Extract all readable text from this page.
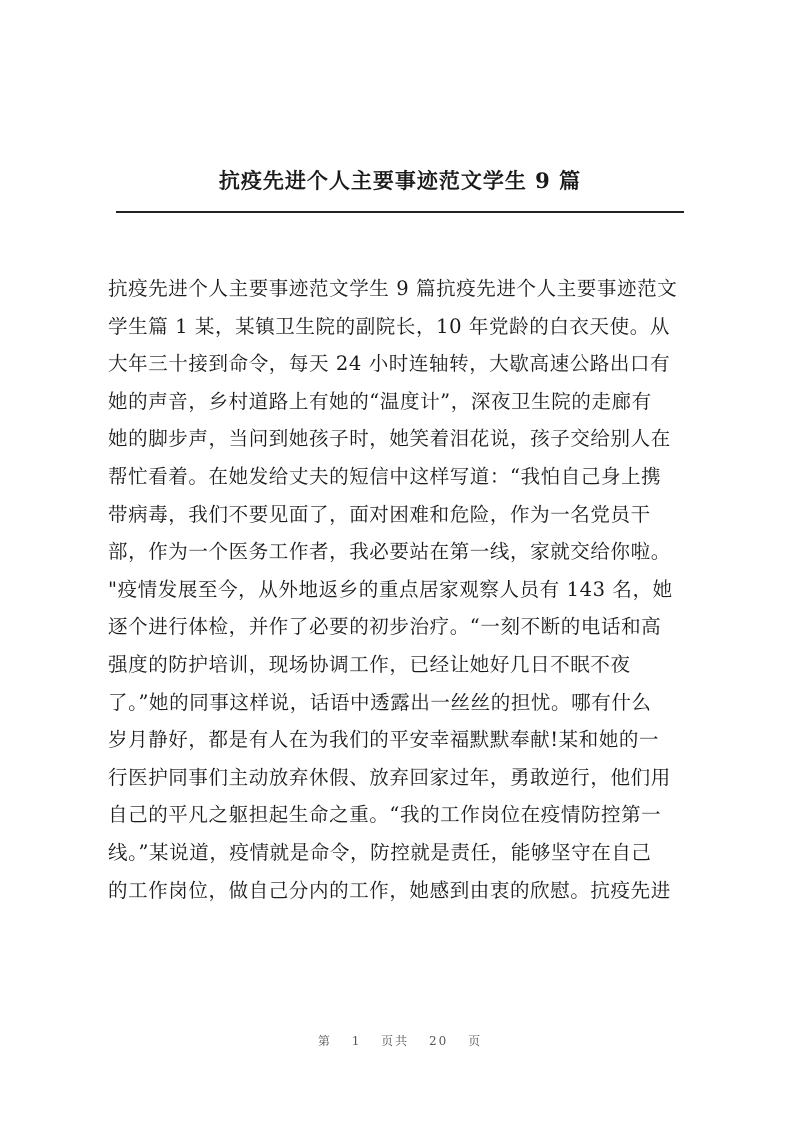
抗疫先进个人主要事迹范文学生 9 篇
抗疫先进个人主要事迹范文学生 9 篇抗疫先进个人主要事迹范文
学生篇 1 某，某镇卫生院的副院长，10 年党龄的白衣天使。从
大年三十接到命令，每天 24 小时连轴转，大歇高速公路出口有
她的声音，乡村道路上有她的“温度计”，深夜卫生院的走廊有
她的脚步声，当问到她孩子时，她笑着泪花说，孩子交给别人在
帮忙看着。在她发给丈夫的短信中这样写道：“我怕自己身上携
带病毒，我们不要见面了，面对困难和危险，作为一名党员干
部，作为一个医务工作者，我必要站在第一线，家就交给你啦。
"疫情发展至今，从外地返乡的重点居家观察人员有 143 名，她
逐个进行体检，并作了必要的初步治疗。“一刻不断的电话和高
强度的防护培训，现场协调工作，已经让她好几日不眠不夜
了。”她的同事这样说，话语中透露出一丝丝的担忧。哪有什么
岁月静好，都是有人在为我们的平安幸福默默奉献!某和她的一
行医护同事们主动放弃休假、放弃回家过年，勇敢逆行，他们用
自己的平凡之躯担起生命之重。“我的工作岗位在疫情防控第一
线。”某说道，疫情就是命令，防控就是责任，能够坚守在自己
的工作岗位，做自己分内的工作，她感到由衷的欣慰。抗疫先进
第 1 页共 20 页
